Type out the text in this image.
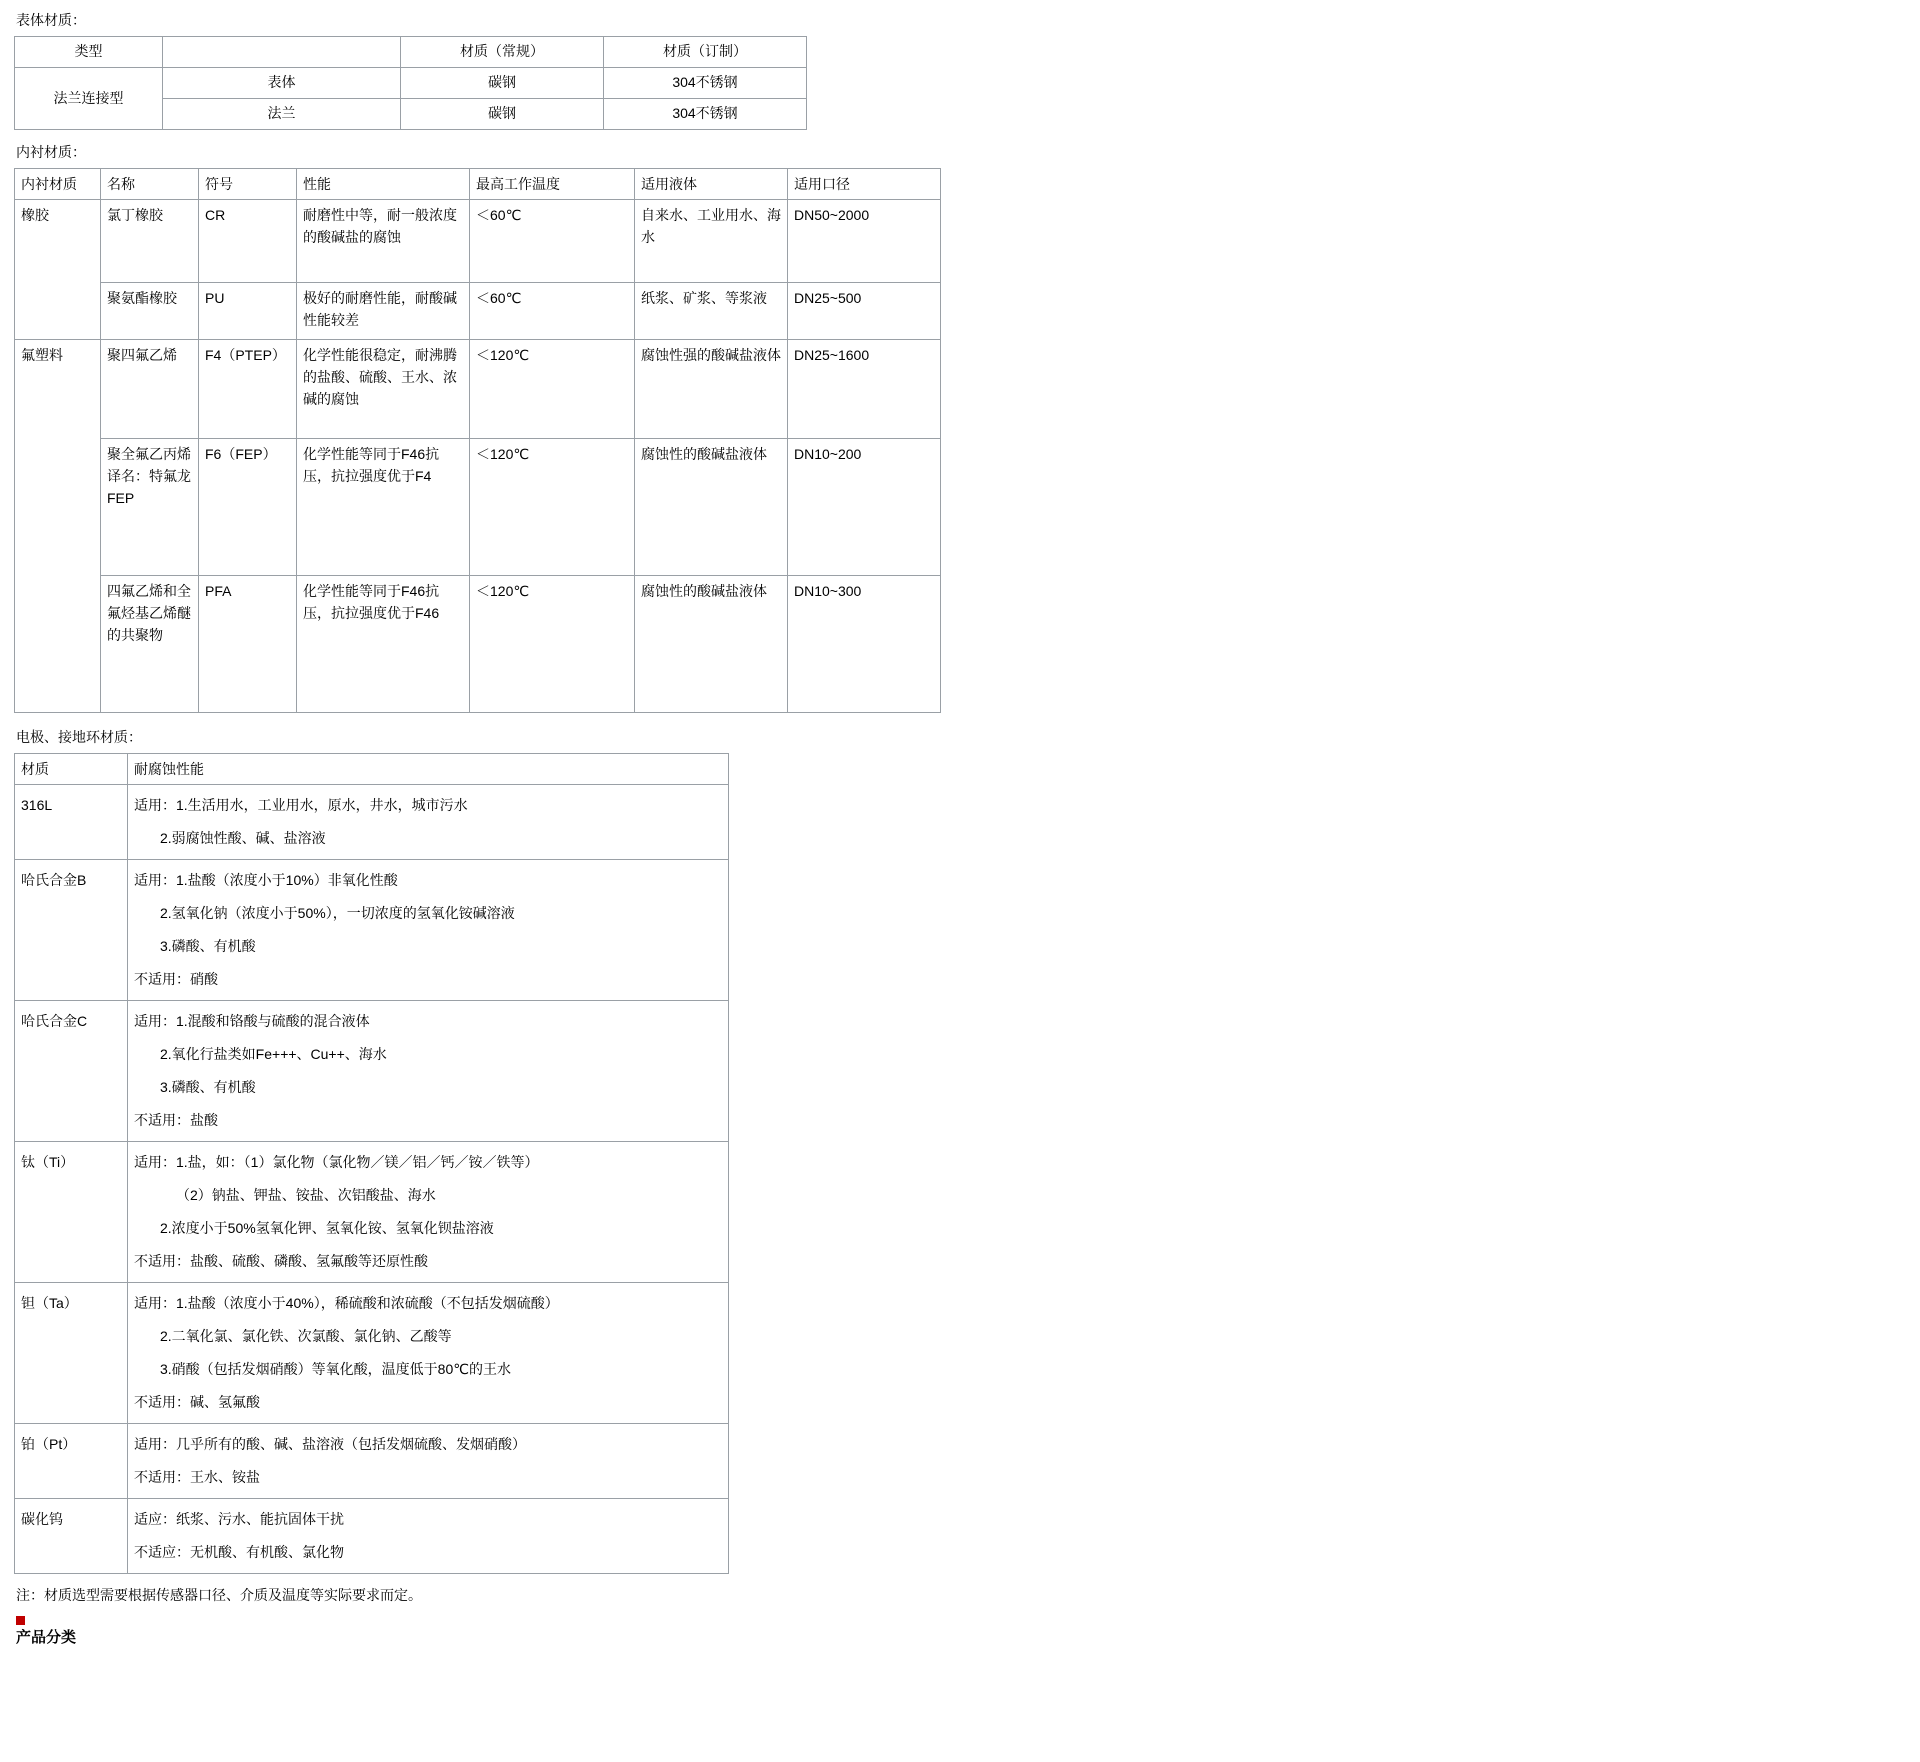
表体材质：
类型		材质（常规）	材质（订制）
法兰连接型	表体	碳钢	304不锈钢
	法兰	碳钢	304不锈钢
内衬材质：
内衬材质	名称	符号	性能	最高工作温度	适用液体	适用口径
橡胶	氯丁橡胶	CR	耐磨性中等，耐一般浓度的酸碱盐的腐蚀	＜60℃	自来水、工业用水、海水	DN50~2000
	聚氨酯橡胶	PU	极好的耐磨性能，耐酸碱性能较差	＜60℃	纸浆、矿浆、等浆液	DN25~500
氟塑料	聚四氟乙烯	F4（PTEP）	化学性能很稳定，耐沸腾的盐酸、硫酸、王水、浓碱的腐蚀	＜120℃	腐蚀性强的酸碱盐液体	DN25~1600
	聚全氟乙丙烯 译名：特氟龙FEP	F6（FEP）	化学性能等同于F46抗压，抗拉强度优于F4	＜120℃	腐蚀性的酸碱盐液体	DN10~200
	四氟乙烯和全氟烃基乙烯醚的共聚物	PFA	化学性能等同于F46抗压，抗拉强度优于F46	＜120℃	腐蚀性的酸碱盐液体	DN10~300
电极、接地环材质：
材质	耐腐蚀性能
316L	适用：1.生活用水，工业用水，原水，井水，城市污水
2.弱腐蚀性酸、碱、盐溶液

哈氏合金B	适用：1.盐酸（浓度小于10%）非氧化性酸
2.氢氧化钠（浓度小于50%），一切浓度的氢氧化铵碱溶液
3.磷酸、有机酸
不适用：硝酸

哈氏合金C	适用：1.混酸和铬酸与硫酸的混合液体
2.氧化行盐类如Fe+++、Cu++、海水
3.磷酸、有机酸
不适用：盐酸

钛（Ti）	适用：1.盐，如：（1）氯化物（氯化物／镁／铝／钙／铵／铁等）
（2）钠盐、钾盐、铵盐、次铝酸盐、海水
2.浓度小于50%氢氧化钾、氢氧化铵、氢氧化钡盐溶液
不适用：盐酸、硫酸、磷酸、氢氟酸等还原性酸

钽（Ta）	适用：1.盐酸（浓度小于40%），稀硫酸和浓硫酸（不包括发烟硫酸）
2.二氧化氯、氯化铁、次氯酸、氯化钠、乙酸等
3.硝酸（包括发烟硝酸）等氧化酸，温度低于80℃的王水
不适用：碱、氢氟酸

铂（Pt）	适用：几乎所有的酸、碱、盐溶液（包括发烟硫酸、发烟硝酸）
不适用：王水、铵盐

碳化钨	适应：纸浆、污水、能抗固体干扰
不适应：无机酸、有机酸、氯化物
注：材质选型需要根据传感器口径、介质及温度等实际要求而定。
产品分类
